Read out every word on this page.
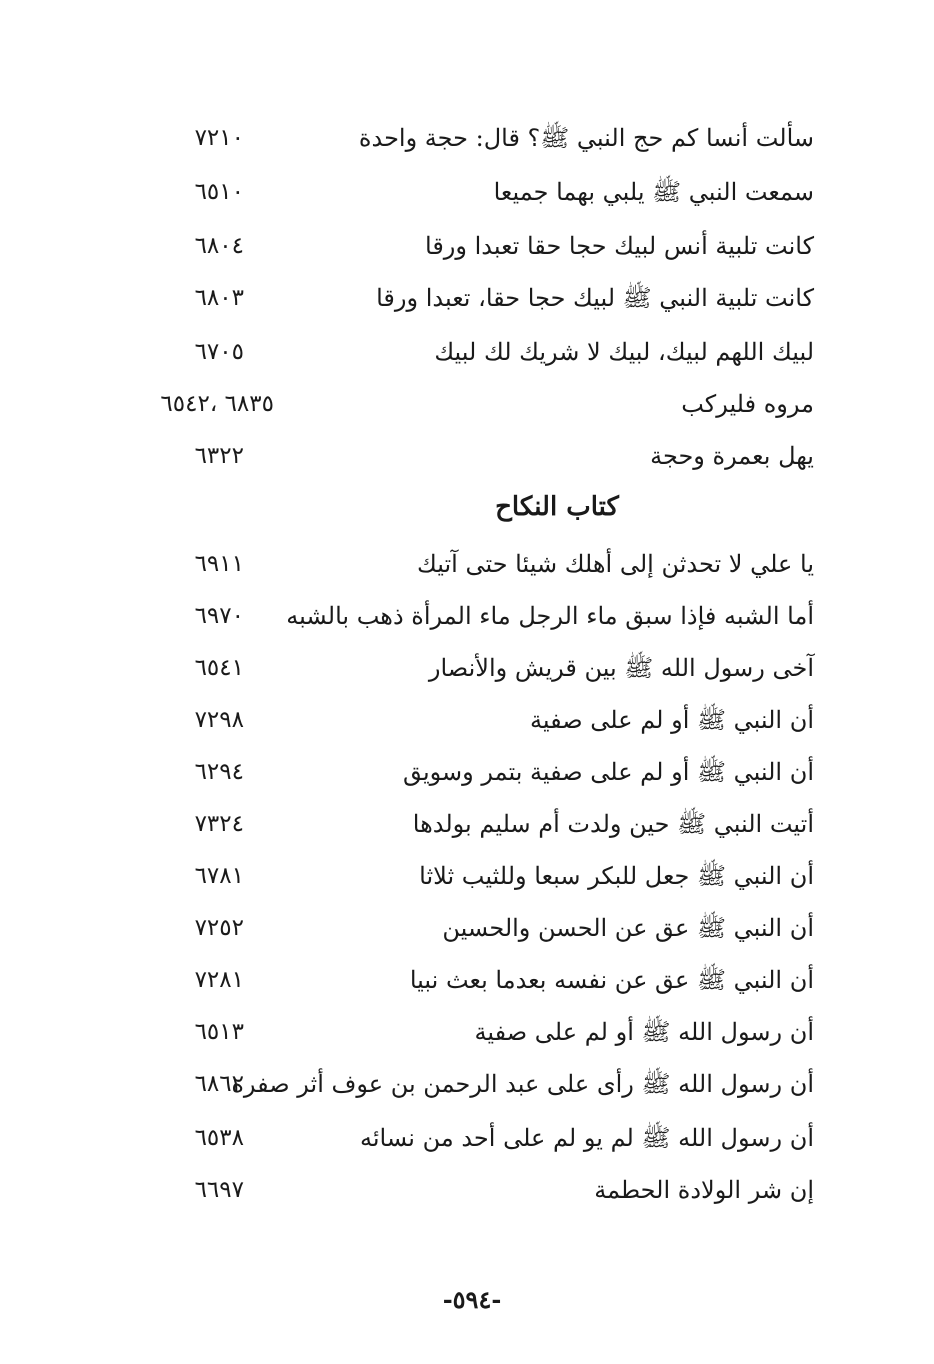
سألت أنسا كم حج النبي ﷺ؟ قال: حجة واحدة
٧٢١٠
سمعت النبي ﷺ يلبي بهما جميعا
٦٥١٠
كانت تلبية أنس لبيك حجا حقا تعبدا ورقا
٦٨٠٤
كانت تلبية النبي ﷺ لبيك حجا حقا، تعبدا ورقا
٦٨٠٣
لبيك اللهم لبيك، لبيك لا شريك لك لبيك
٦٧٠٥
مروه فليركب
٦٨٣٥ ،٦٥٤٢
يهل بعمرة وحجة
٦٣٢٢
كتاب النكاح
يا علي لا تحدثن إلى أهلك شيئا حتى آتيك
٦٩١١
أما الشبه فإذا سبق ماء الرجل ماء المرأة ذهب بالشبه
٦٩٧٠
آخى رسول الله ﷺ بين قريش والأنصار
٦٥٤١
أن النبي ﷺ أو لم على صفية
٧٢٩٨
أن النبي ﷺ أو لم على صفية بتمر وسويق
٦٢٩٤
أتيت النبي ﷺ حين ولدت أم سليم بولدها
٧٣٢٤
أن النبي ﷺ جعل للبكر سبعا وللثيب ثلاثا
٦٧٨١
أن النبي ﷺ عق عن الحسن والحسين
٧٢٥٢
أن النبي ﷺ عق عن نفسه بعدما بعث نبيا
٧٢٨١
أن رسول الله ﷺ أو لم على صفية
٦٥١٣
أن رسول الله ﷺ رأى على عبد الرحمن بن عوف أثر صفرة
٦٨٦٢
أن رسول الله ﷺ لم يو لم على أحد من نسائه
٦٥٣٨
إن شر الولادة الحطمة
٦٦٩٧
-٥٩٤-
